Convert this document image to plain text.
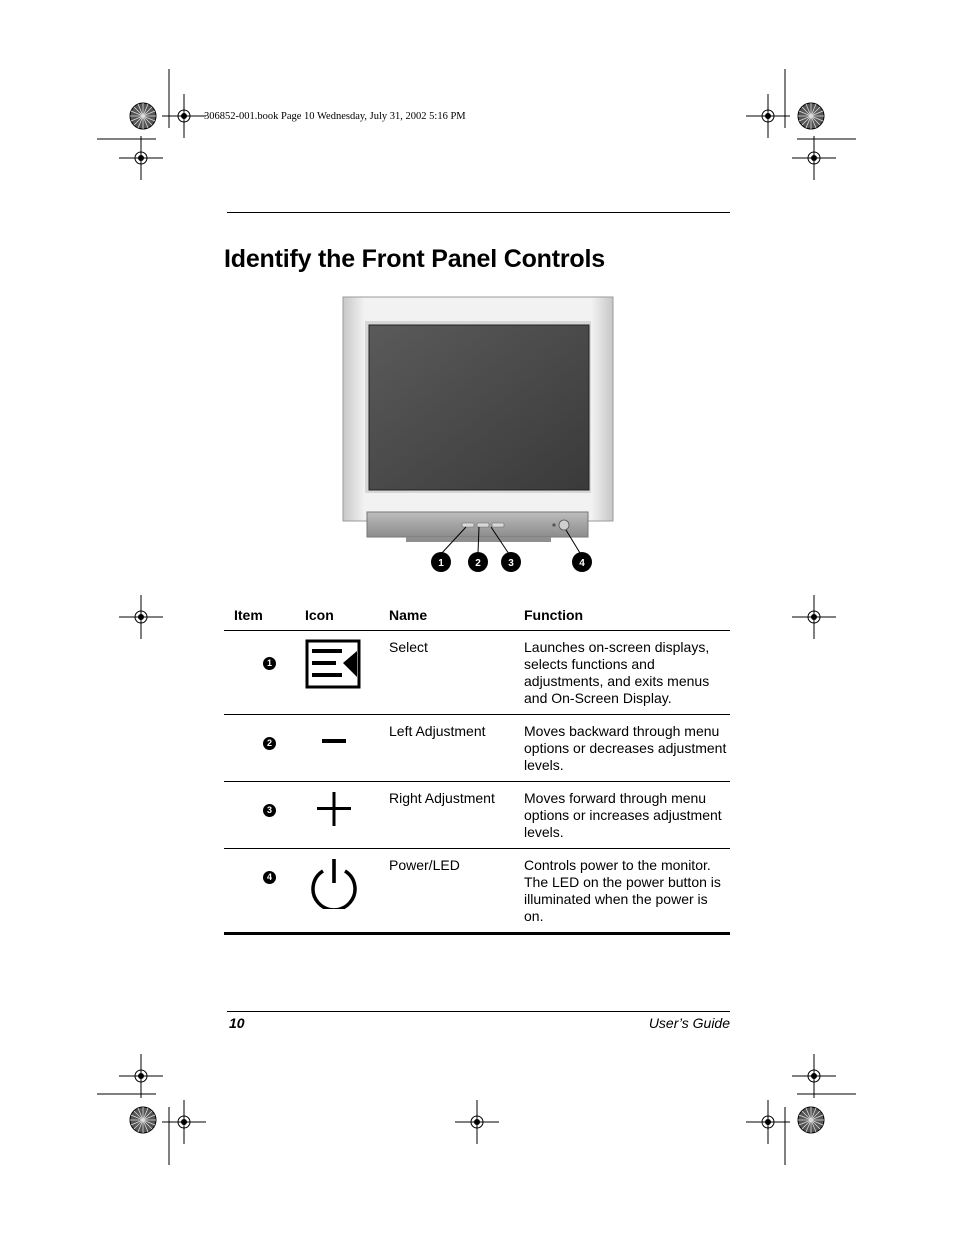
306852-001.book Page 10 Wednesday, July 31, 2002 5:16 PM
Identify the Front Panel Controls
1	2	3	4
Item	Icon	Name	Function
1		Select	Launches on-screen displays, selects functions and adjustments, and exits menus and On-Screen Display.
2		Left Adjustment	Moves backward through menu options or decreases adjustment levels.
3		Right Adjustment	Moves forward through menu options or increases adjustment levels.
4		Power/LED	Controls power to the monitor. The LED on the power button is illuminated when the power is on.
10	User’s Guide
